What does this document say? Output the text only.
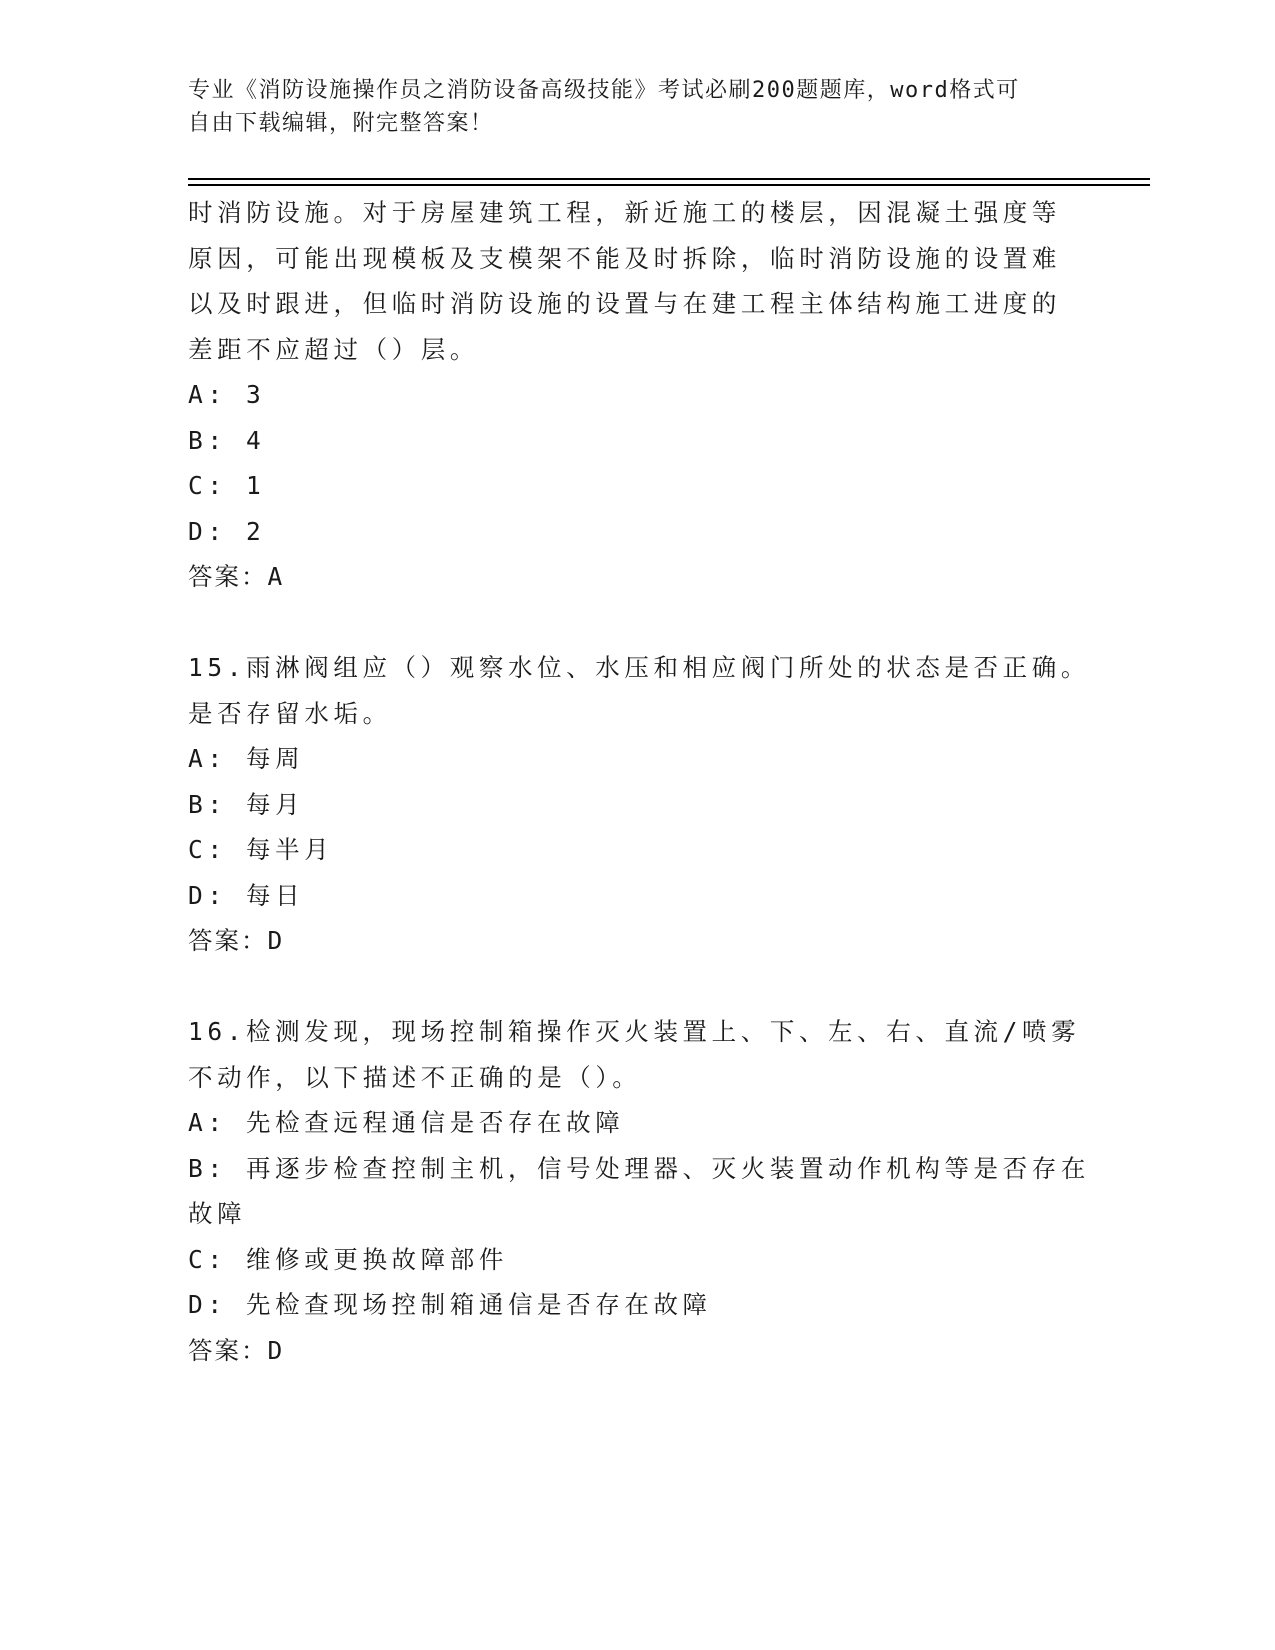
专业《消防设施操作员之消防设备高级技能》考试必刷200题题库，word格式可
自由下载编辑，附完整答案！
时消防设施。对于房屋建筑工程，新近施工的楼层，因混凝土强度等
原因，可能出现模板及支模架不能及时拆除，临时消防设施的设置难
以及时跟进，但临时消防设施的设置与在建工程主体结构施工进度的
差距不应超过（）层。
A: 3
B: 4
C: 1
D: 2
答案：A
15.雨淋阀组应（）观察水位、水压和相应阀门所处的状态是否正确。
是否存留水垢。
A: 每周
B: 每月
C: 每半月
D: 每日
答案：D
16.检测发现，现场控制箱操作灭火装置上、下、左、右、直流/喷雾
不动作，以下描述不正确的是（）。
A: 先检查远程通信是否存在故障
B: 再逐步检查控制主机，信号处理器、灭火装置动作机构等是否存在
故障
C: 维修或更换故障部件
D: 先检查现场控制箱通信是否存在故障
答案：D
